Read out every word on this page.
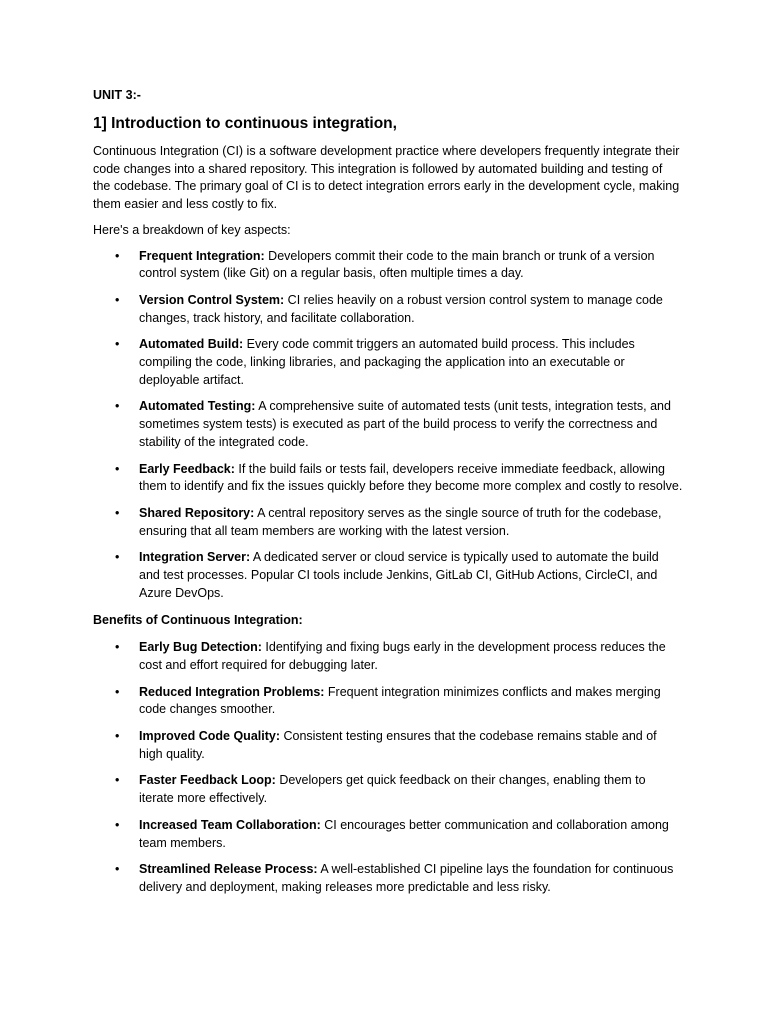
UNIT 3:-
1] Introduction to continuous integration,

Continuous Integration (CI) is a software development practice where developers frequently integrate their code changes into a shared repository. This integration is followed by automated building and testing of the codebase. The primary goal of CI is to detect integration errors early in the development cycle, making them easier and less costly to fix.

Here's a breakdown of key aspects:

• Frequent Integration: Developers commit their code to the main branch or trunk of a version control system (like Git) on a regular basis, often multiple times a day.
• Version Control System: CI relies heavily on a robust version control system to manage code changes, track history, and facilitate collaboration.
• Automated Build: Every code commit triggers an automated build process. This includes compiling the code, linking libraries, and packaging the application into an executable or deployable artifact.
• Automated Testing: A comprehensive suite of automated tests (unit tests, integration tests, and sometimes system tests) is executed as part of the build process to verify the correctness and stability of the integrated code.
• Early Feedback: If the build fails or tests fail, developers receive immediate feedback, allowing them to identify and fix the issues quickly before they become more complex and costly to resolve.
• Shared Repository: A central repository serves as the single source of truth for the codebase, ensuring that all team members are working with the latest version.
• Integration Server: A dedicated server or cloud service is typically used to automate the build and test processes. Popular CI tools include Jenkins, GitLab CI, GitHub Actions, CircleCI, and Azure DevOps.
Benefits of Continuous Integration:
• Early Bug Detection: Identifying and fixing bugs early in the development process reduces the cost and effort required for debugging later.
• Reduced Integration Problems: Frequent integration minimizes conflicts and makes merging code changes smoother.
• Improved Code Quality: Consistent testing ensures that the codebase remains stable and of high quality.
• Faster Feedback Loop: Developers get quick feedback on their changes, enabling them to iterate more effectively.
• Increased Team Collaboration: CI encourages better communication and collaboration among team members.
• Streamlined Release Process: A well-established CI pipeline lays the foundation for continuous delivery and deployment, making releases more predictable and less risky.
